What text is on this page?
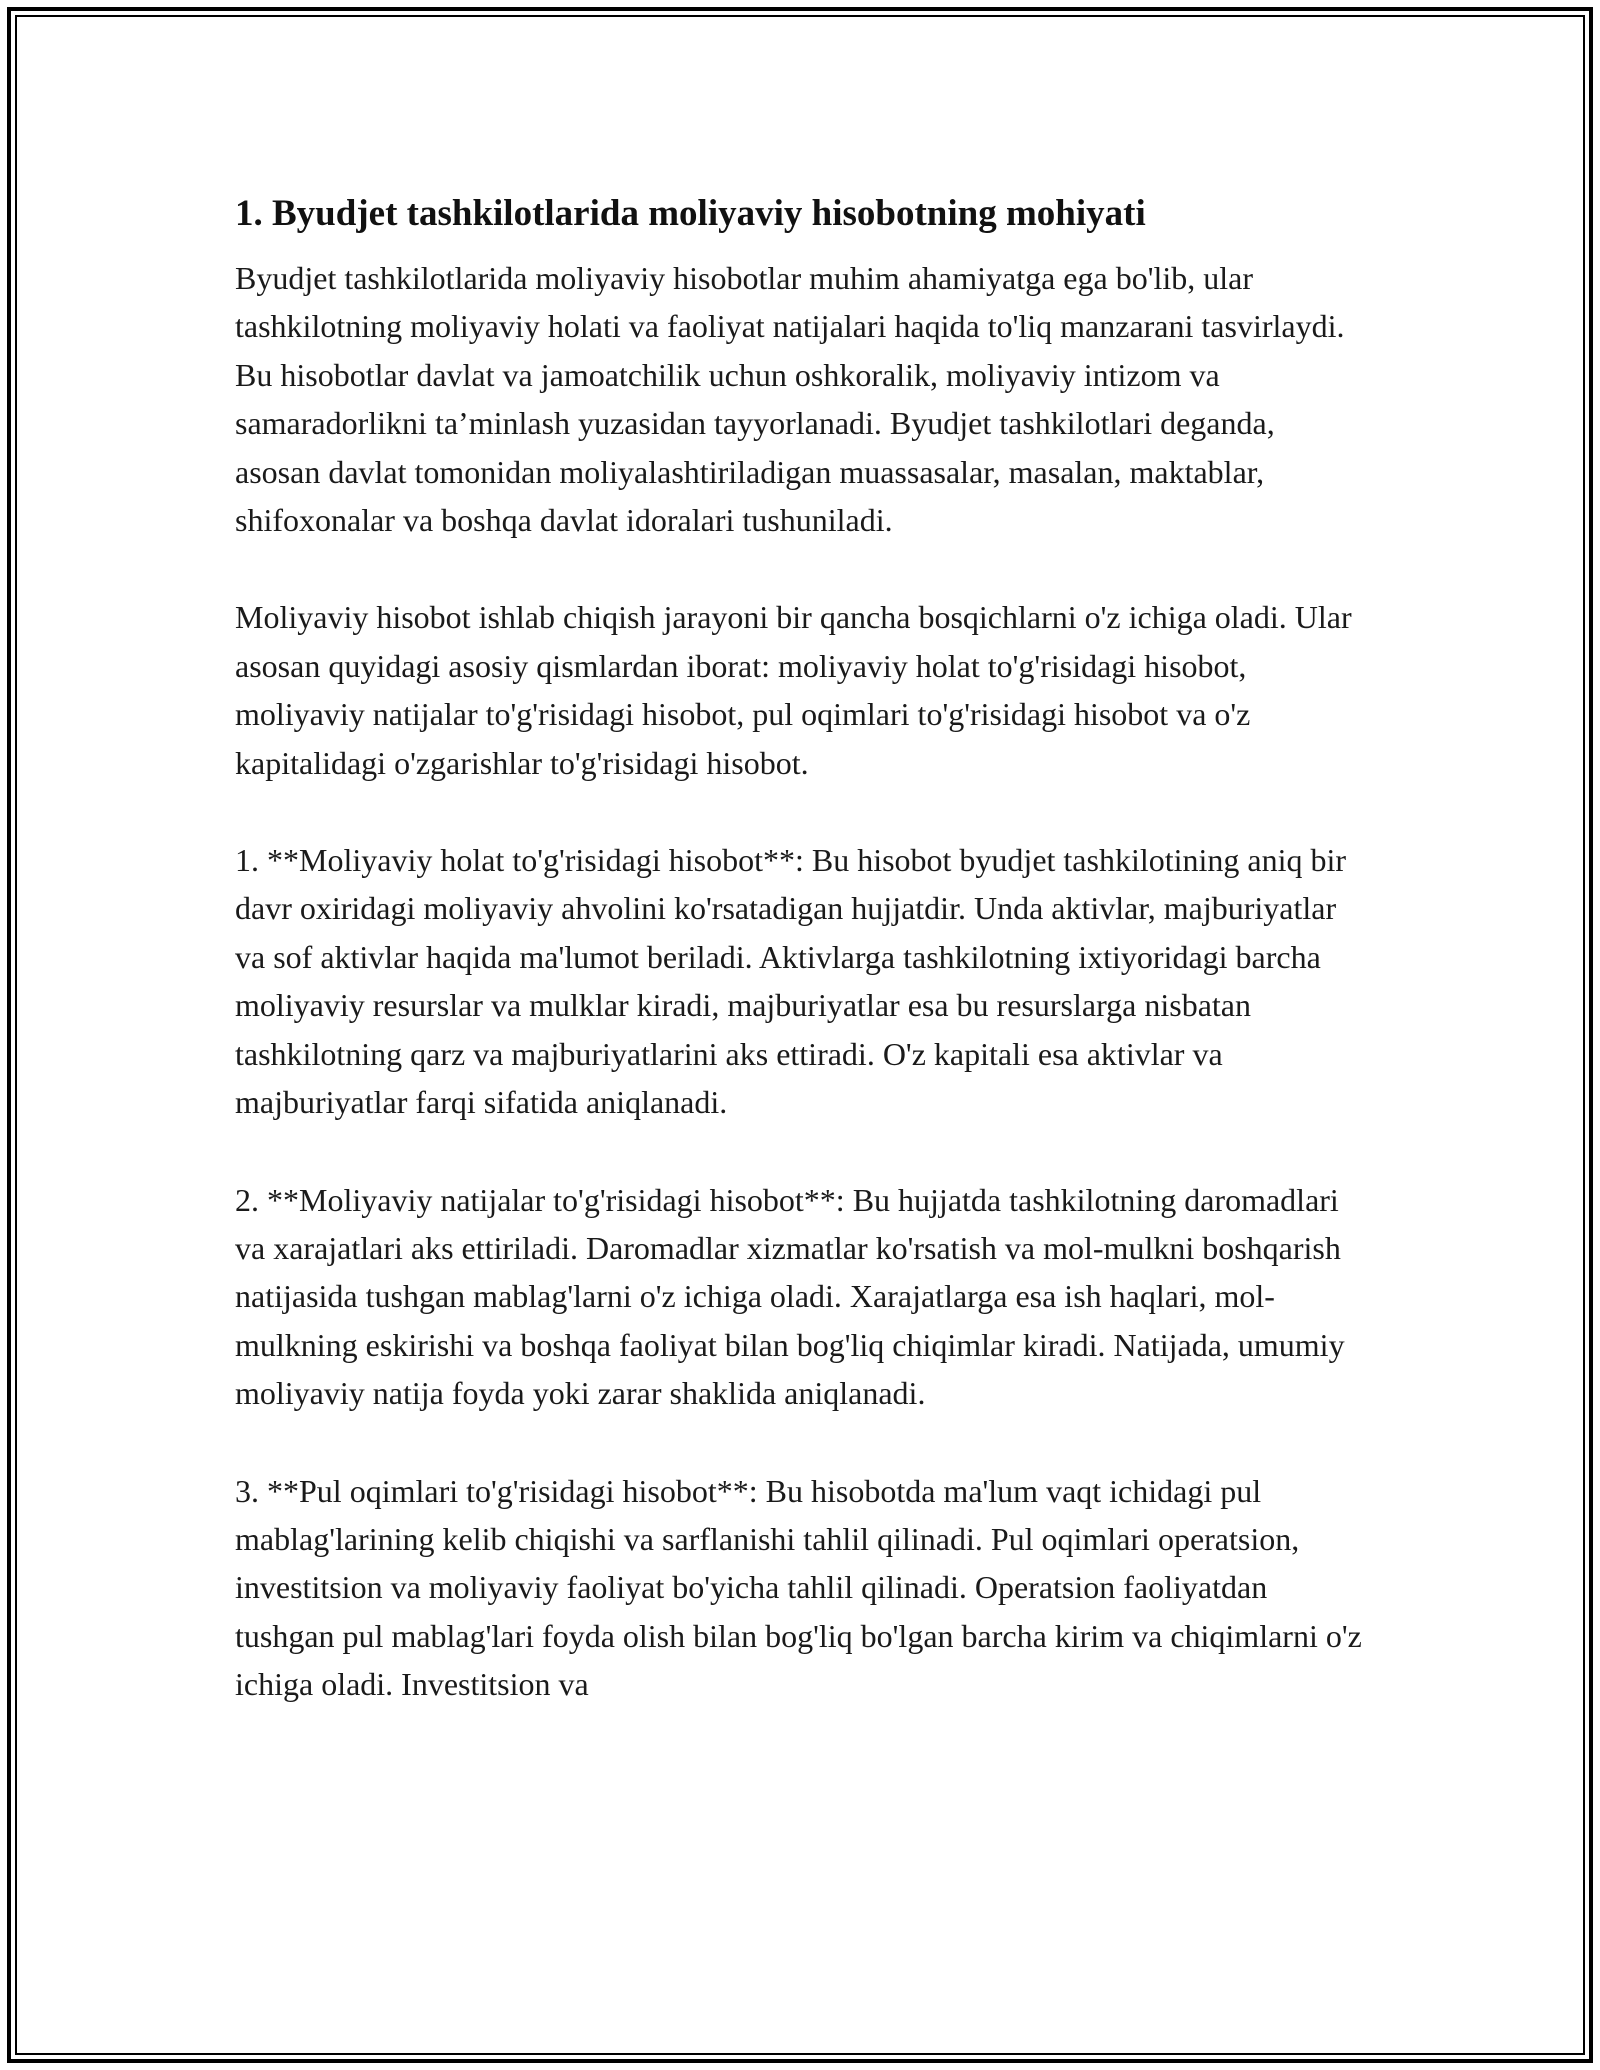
1. Byudjet tashkilotlarida moliyaviy hisobotning mohiyati

Byudjet tashkilotlarida moliyaviy hisobotlar muhim ahamiyatga ega bo'lib, ular tashkilotning moliyaviy holati va faoliyat natijalari haqida to'liq manzarani tasvirlaydi. Bu hisobotlar davlat va jamoatchilik uchun oshkoralik, moliyaviy intizom va samaradorlikni ta’minlash yuzasidan tayyorlanadi. Byudjet tashkilotlari deganda, asosan davlat tomonidan moliyalashtiriladigan muassasalar, masalan, maktablar, shifoxonalar va boshqa davlat idoralari tushuniladi.

Moliyaviy hisobot ishlab chiqish jarayoni bir qancha bosqichlarni o'z ichiga oladi. Ular asosan quyidagi asosiy qismlardan iborat: moliyaviy holat to'g'risidagi hisobot, moliyaviy natijalar to'g'risidagi hisobot, pul oqimlari to'g'risidagi hisobot va o'z kapitalidagi o'zgarishlar to'g'risidagi hisobot.

1. **Moliyaviy holat to'g'risidagi hisobot**: Bu hisobot byudjet tashkilotining aniq bir davr oxiridagi moliyaviy ahvolini ko'rsatadigan hujjatdir. Unda aktivlar, majburiyatlar va sof aktivlar haqida ma'lumot beriladi. Aktivlarga tashkilotning ixtiyoridagi barcha moliyaviy resurslar va mulklar kiradi, majburiyatlar esa bu resurslarga nisbatan tashkilotning qarz va majburiyatlarini aks ettiradi. O'z kapitali esa aktivlar va majburiyatlar farqi sifatida aniqlanadi.

2. **Moliyaviy natijalar to'g'risidagi hisobot**: Bu hujjatda tashkilotning daromadlari va xarajatlari aks ettiriladi. Daromadlar xizmatlar ko'rsatish va mol-mulkni boshqarish natijasida tushgan mablag'larni o'z ichiga oladi. Xarajatlarga esa ish haqlari, mol-mulkning eskirishi va boshqa faoliyat bilan bog'liq chiqimlar kiradi. Natijada, umumiy moliyaviy natija foyda yoki zarar shaklida aniqlanadi.

3. **Pul oqimlari to'g'risidagi hisobot**: Bu hisobotda ma'lum vaqt ichidagi pul mablag'larining kelib chiqishi va sarflanishi tahlil qilinadi. Pul oqimlari operatsion, investitsion va moliyaviy faoliyat bo'yicha tahlil qilinadi. Operatsion faoliyatdan tushgan pul mablag'lari foyda olish bilan bog'liq bo'lgan barcha kirim va chiqimlarni o'z ichiga oladi. Investitsion va
